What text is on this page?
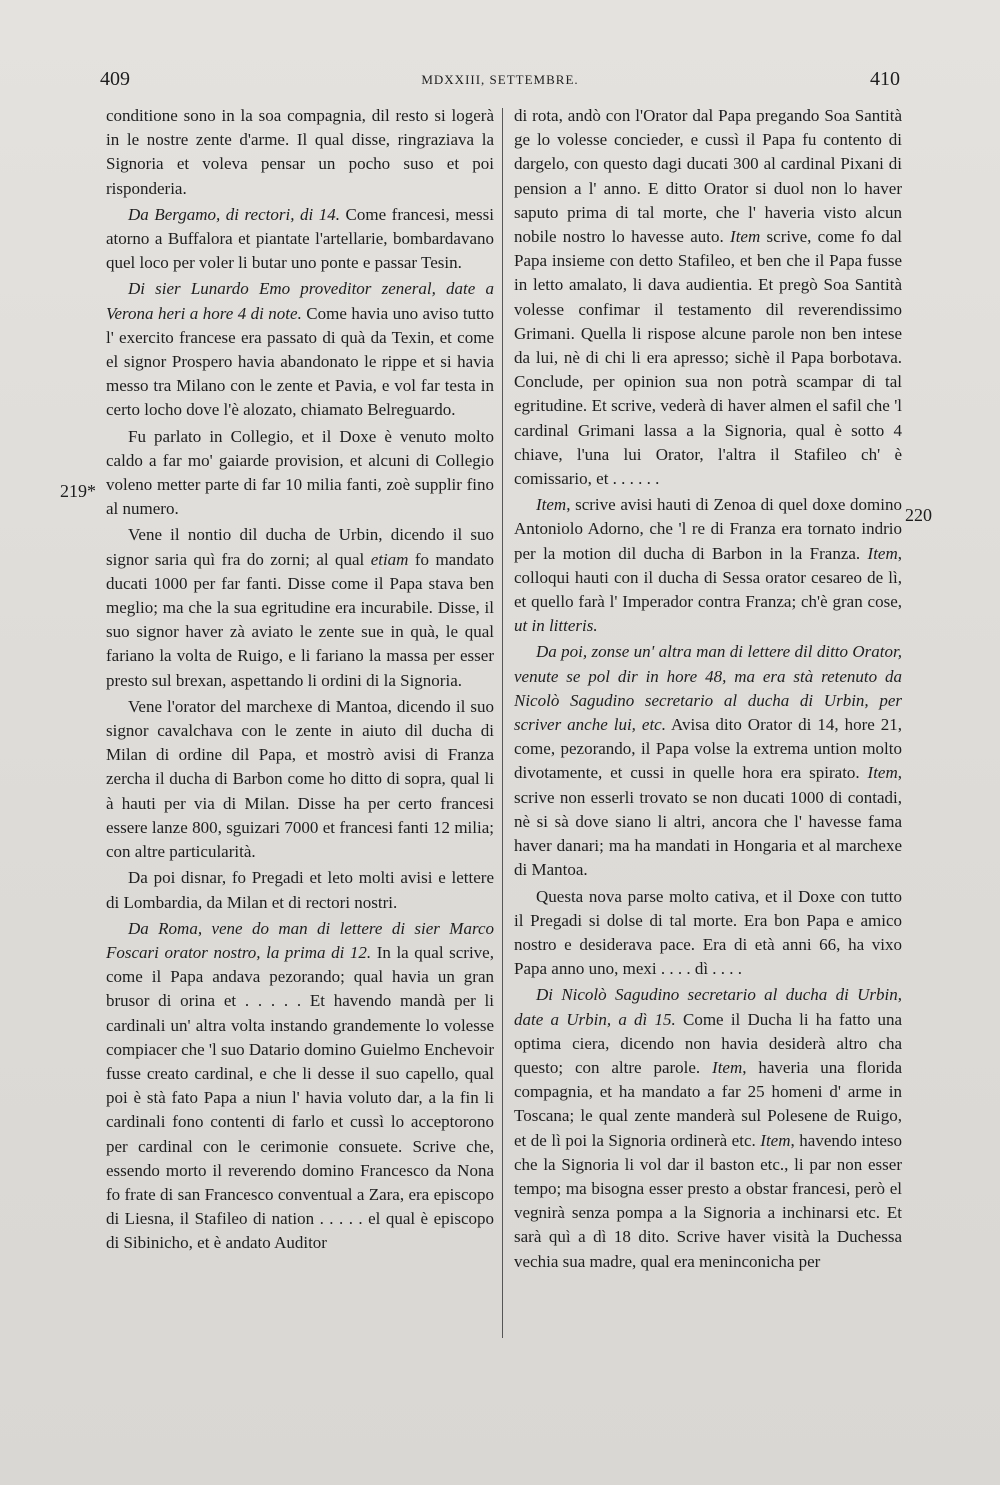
409	MDXXIII, SETTEMBRE.	410
219*
220

conditione sono in la soa compagnia, dil resto si logerà in le nostre zente d'arme. Il qual disse, ringraziava la Signoria et voleva pensar un pocho suso et poi risponderia.

Da Bergamo, di rectori, di 14. Come francesi, messi atorno a Buffalora et piantate l'artellarie, bombardavano quel loco per voler li butar uno ponte e passar Tesin.

Di sier Lunardo Emo proveditor zeneral, date a Verona heri a hore 4 di note. Come havia uno aviso tutto l' exercito francese era passato di quà da Texin, et come el signor Prospero havia abandonato le rippe et si havia messo tra Milano con le zente et Pavia, e vol far testa in certo locho dove l'è alozato, chiamato Belreguardo.

Fu parlato in Collegio, et il Doxe è venuto molto caldo a far mo' gaiarde provision, et alcuni di Collegio voleno metter parte di far 10 milia fanti, zoè supplir fino al numero.

Vene il nontio dil ducha de Urbin, dicendo il suo signor saria quì fra do zorni; al qual etiam fo mandato ducati 1000 per far fanti. Disse come il Papa stava ben meglio; ma che la sua egritudine era incurabile. Disse, il suo signor haver zà aviato le zente sue in quà, le qual fariano la volta de Ruigo, e li fariano la massa per esser presto sul brexan, aspettando li ordini di la Signoria.

Vene l'orator del marchexe di Mantoa, dicendo il suo signor cavalchava con le zente in aiuto dil ducha di Milan di ordine dil Papa, et mostrò avisi di Franza zercha il ducha di Barbon come ho ditto di sopra, qual li à hauti per via di Milan. Disse ha per certo francesi essere lanze 800, sguizari 7000 et francesi fanti 12 milia; con altre particularità.

Da poi disnar, fo Pregadi et leto molti avisi e lettere di Lombardia, da Milan et di rectori nostri.

Da Roma, vene do man di lettere di sier Marco Foscari orator nostro, la prima di 12. In la qual scrive, come il Papa andava pezorando; qual havia un gran brusor di orina et . . . . . Et havendo mandà per li cardinali un' altra volta instando grandemente lo volesse compiacer che 'l suo Datario domino Guielmo Enchevoir fusse creato cardinal, e che li desse il suo capello, qual poi è stà fato Papa a niun l' havia voluto dar, a la fin li cardinali fono contenti di farlo et cussì lo acceptorono per cardinal con le cerimonie consuete. Scrive che, essendo morto il reverendo domino Francesco da Nona fo frate di san Francesco conventual a Zara, era episcopo di Liesna, il Stafileo di nation . . . . . el qual è episcopo di Sibinicho, et è andato Auditor

di rota, andò con l'Orator dal Papa pregando Soa Santità ge lo volesse concieder, e cussì il Papa fu contento di dargelo, con questo dagi ducati 300 al cardinal Pixani di pension a l' anno. E ditto Orator si duol non lo haver saputo prima di tal morte, che l' haveria visto alcun nobile nostro lo havesse auto. Item scrive, come fo dal Papa insieme con detto Stafileo, et ben che il Papa fusse in letto amalato, li dava audientia. Et pregò Soa Santità volesse confimar il testamento dil reverendissimo Grimani. Quella li rispose alcune parole non ben intese da lui, nè di chi li era apresso; sichè il Papa borbotava. Conclude, per opinion sua non potrà scampar di tal egritudine. Et scrive, vederà di haver almen el safil che 'l cardinal Grimani lassa a la Signoria, qual è sotto 4 chiave, l'una lui Orator, l'altra il Stafileo ch' è comissario, et . . . . . .

Item, scrive avisi hauti di Zenoa di quel doxe domino Antoniolo Adorno, che 'l re di Franza era tornato indrio per la motion dil ducha di Barbon in la Franza. Item, colloqui hauti con il ducha di Sessa orator cesareo de lì, et quello farà l' Imperador contra Franza; ch'è gran cose, ut in litteris.

Da poi, zonse un' altra man di lettere dil ditto Orator, venute se pol dir in hore 48, ma era stà retenuto da Nicolò Sagudino secretario al ducha di Urbin, per scriver anche lui, etc. Avisa dito Orator di 14, hore 21, come, pezorando, il Papa volse la extrema untion molto divotamente, et cussi in quelle hora era spirato. Item, scrive non esserli trovato se non ducati 1000 di contadi, nè si sà dove siano li altri, ancora che l' havesse fama haver danari; ma ha mandati in Hongaria et al marchexe di Mantoa.

Questa nova parse molto cativa, et il Doxe con tutto il Pregadi si dolse di tal morte. Era bon Papa e amico nostro e desiderava pace. Era di età anni 66, ha vixo Papa anno uno, mexi . . . . dì . . . .

Di Nicolò Sagudino secretario al ducha di Urbin, date a Urbin, a dì 15. Come il Ducha li ha fatto una optima ciera, dicendo non havia desiderà altro cha questo; con altre parole. Item, haveria una florida compagnia, et ha mandato a far 25 homeni d' arme in Toscana; le qual zente manderà sul Polesene de Ruigo, et de lì poi la Signoria ordinerà etc. Item, havendo inteso che la Signoria li vol dar il baston etc., li par non esser tempo; ma bisogna esser presto a obstar francesi, però el vegnirà senza pompa a la Signoria a inchinarsi etc. Et sarà quì a dì 18 dito. Scrive haver visità la Duchessa vechia sua madre, qual era meninconicha per
